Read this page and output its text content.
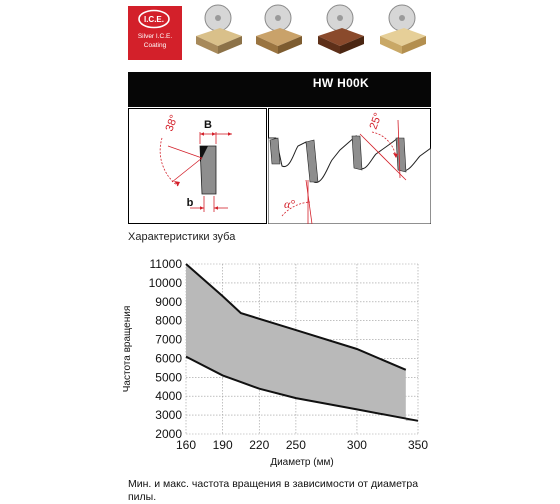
I.C.E.
Silver I.C.E.
Coating
HW H00K
B
b
38°	25°
α°
Характеристики зуба
2000
3000
4000
5000
6000
7000
8000
9000
10000
11000
160 190 220 250	300	350
Частота вращения
Диаметр (мм)
Мин. и макс. частота вращения в зависимости от диаметра пилы.
